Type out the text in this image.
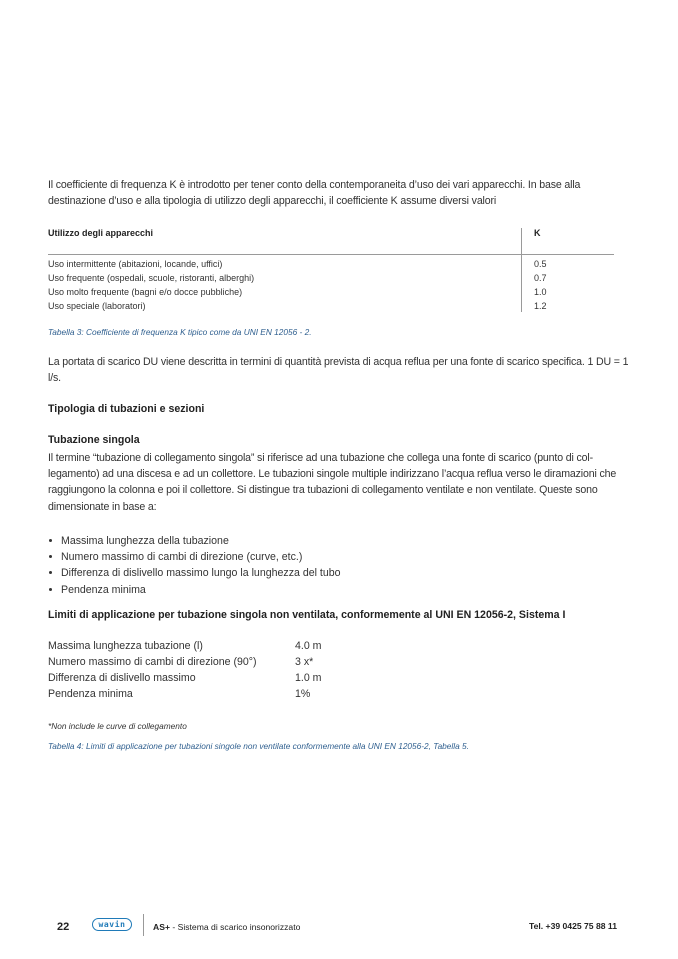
Il coefficiente di frequenza K è introdotto per tener conto della contemporaneita d’uso dei vari apparecchi. In base alla destinazione d’uso e alla tipologia di utilizzo degli apparecchi, il coefficiente K assume diversi valori
Utilizzo degli apparecchi	K
Uso intermittente (abitazioni, locande, uffici)	0.5
Uso frequente (ospedali, scuole, ristoranti, alberghi)	0.7
Uso molto frequente (bagni e/o docce pubbliche)	1.0
Uso speciale (laboratori)	1.2
Tabella 3: Coefficiente di frequenza K tipico come da UNI EN 12056 - 2.
La portata di scarico DU viene descritta in termini di quantità prevista di acqua reflua per una fonte di scarico specifica. 1 DU = 1 l/s.
Tipologia di tubazioni e sezioni
Tubazione singola
Il termine “tubazione di collegamento singola” si riferisce ad una tubazione che collega una fonte di scarico (punto di col-legamento) ad una discesa e ad un collettore. Le tubazioni singole multiple indirizzano l’acqua reflua verso le diramazioni che raggiungono la colonna e poi il collettore. Si distingue tra tubazioni di collegamento ventilate e non ventilate. Queste sono dimensionate in base a:
Massima lunghezza della tubazione
Numero massimo di cambi di direzione (curve, etc.)
Differenza di dislivello massimo lungo la lunghezza del tubo
Pendenza minima
Limiti di applicazione per tubazione singola non ventilata, conformemente al UNI EN 12056-2, Sistema I
Massima lunghezza tubazione (l)	4.0 m
Numero massimo di cambi di direzione (90°)	3 x*
Differenza di dislivello massimo	1.0 m
Pendenza minima	1%
*Non include le curve di collegamento
Tabella 4: Limiti di applicazione per tubazioni singole non ventilate conformemente alla UNI EN 12056-2, Tabella 5.
22	wavin	AS+ - Sistema di scarico insonorizzato	Tel. +39 0425 75 88 11
